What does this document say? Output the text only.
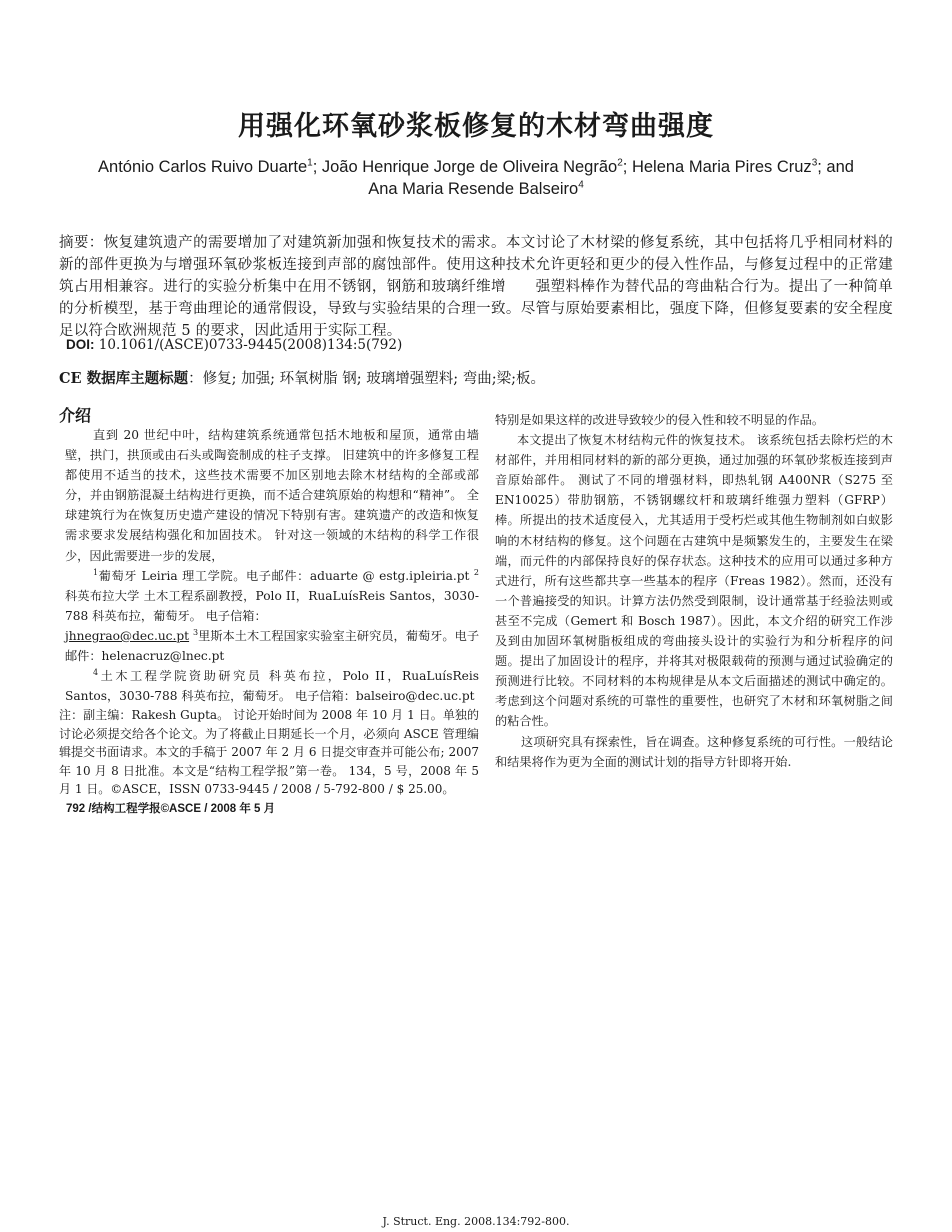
用强化环氧砂浆板修复的木材弯曲强度
António Carlos Ruivo Duarte$^1$; João Henrique Jorge de Oliveira Negrão$^2$; Helena Maria Pires Cruz$^3$; and
Ana Maria Resende Balseiro$^4$
摘要：恢复建筑遗产的需要增加了对建筑新加强和恢复技术的需求。本文讨论了木材梁的修复系统，其中包括将几乎相同材料的新的部件更换为与增强环氧砂浆板连接到声部的腐蚀部件。使用这种技术允许更轻和更少的侵入性作品，与修复过程中的正常建筑占用相兼容。进行的实验分析集中在用不锈钢，钢筋和玻璃纤维增　　强塑料棒作为替代品的弯曲粘合行为。提出了一种简单的分析模型，基于弯曲理论的通常假设，导致与实验结果的合理一致。尽管与原始要素相比，强度下降，但修复要素的安全程度足以符合欧洲规范 5 的要求，因此适用于实际工程。
DOI: 10.1061/(ASCE)0733-9445(2008)134:5(792)
CE 数据库主题标题：修复; 加强; 环氧树脂 钢; 玻璃增强塑料; 弯曲;梁;板。
介绍

直到 20 世纪中叶，结构建筑系统通常包括木地板和屋顶，通常由墙壁，拱门，拱顶或由石头或陶瓷制成的柱子支撑。 旧建筑中的许多修复工程都使用不适当的技术，这些技术需要不加区别地去除木材结构的全部或部分，并由钢筋混凝土结构进行更换，而不适合建筑原始的构想和“精神”。 全球建筑行为在恢复历史遗产建设的情况下特别有害。建筑遗产的改造和恢复需求要求发展结构强化和加固技术。 针对这一领域的木结构的科学工作很少，因此需要进一步的发展，

$^1$葡萄牙 Leiria 理工学院。电子邮件：aduarte @ estg.ipleiria.pt $^2$科英布拉大学 土木工程系副教授，Polo II，RuaLuísReis Santos，3030-788 科英布拉，葡萄牙。 电子信箱：
jhnegrao@dec.uc.pt $^3$里斯本土木工程国家实验室主研究员，葡萄牙。电子邮件：helenacruz@lnec.pt

$^4$土木工程学院资助研究员 科英布拉，Polo II，RuaLuísReis Santos，3030-788 科英布拉，葡萄牙。 电子信箱：balseiro@dec.uc.pt

注：副主编：Rakesh Gupta。 讨论开始时间为 2008 年 10 月 1 日。单独的讨论必须提交给各个论文。为了将截止日期延长一个月，必须向 ASCE 管理编辑提交书面请求。本文的手稿于 2007 年 2 月 6 日提交审查并可能公布; 2007 年 10 月 8 日批准。本文是“结构工程学报”第一卷。 134，5 号，2008 年 5 月 1 日。©ASCE，ISSN 0733-9445 / 2008 / 5-792-800 / $ 25.00。

792 /结构工程学报©ASCE / 2008 年 5 月

特别是如果这样的改进导致较少的侵入性和较不明显的作品。

本文提出了恢复木材结构元件的恢复技术。 该系统包括去除朽烂的木材部件，并用相同材料的新的部分更换，通过加强的环氧砂浆板连接到声音原始部件。 测试了不同的增强材料，即热轧钢 A400NR（S275 至 EN10025）带肋钢筋，不锈钢螺纹杆和玻璃纤维强力塑料（GFRP）棒。所提出的技术适度侵入，尤其适用于受朽烂或其他生物制剂如白蚁影响的木材结构的修复。这个问题在古建筑中是频繁发生的，主要发生在梁端，而元件的内部保持良好的保存状态。这种技术的应用可以通过多种方式进行，所有这些都共享一些基本的程序（Freas 1982）。然而，还没有一个普遍接受的知识。计算方法仍然受到限制，设计通常基于经验法则或甚至不完成（Gemert 和 Bosch 1987）。因此，本文介绍的研究工作涉及到由加固环氧树脂板组成的弯曲接头设计的实验行为和分析程序的问题。提出了加固设计的程序，并将其对极限载荷的预测与通过试验确定的预测进行比较。不同材料的本构规律是从本文后面描述的测试中确定的。考虑到这个问题对系统的可靠性的重要性，也研究了木材和环氧树脂之间的粘合性。

这项研究具有探索性，旨在调查。这种修复系统的可行性。一般结论和结果将作为更为全面的测试计划的指导方针即将开始.

J. Struct. Eng. 2008.134:792-800.
